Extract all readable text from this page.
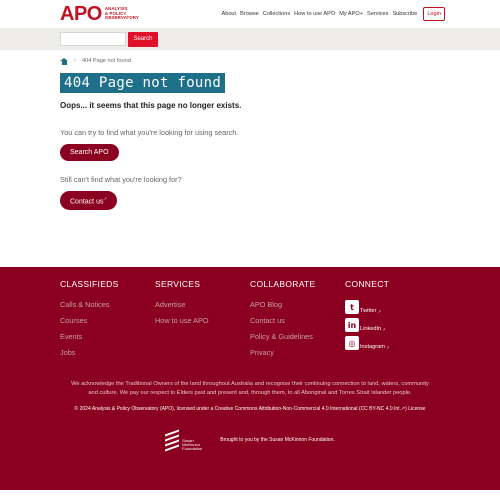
APO ANALYSIS
& POLICY
OBSERVATORY
About Browse Collections How to use APO My APO+ Services Subscribe	Login
Search
› 404 Page not found
404 Page not found
Oops... it seems that this page no longer exists.
You can try to find what you're looking for using search.
Search APO
Still can't find what you're looking for?
Contact us↗
CLASSIFIEDS
Calls & Notices
Courses
Events
Jobs
SERVICES
Advertise
How to use APO
COLLABORATE
APO Blog
Contact us
Policy & Guidelines
Privacy
CONNECT
t	Twitter ↗
in LinkedIn ↗
◎ Instagram ↗

We acknowledge the Traditional Owners of the land throughout Australia and recognise their continuing connection to land, waters, community and culture. We pay our respect to Elders past and present and, through them, to all Aboriginal and Torres Strait Islander people.

© 2024 Analysis & Policy Observatory (APO), licensed under a Creative Commons Attribution-Non-Commercial 4.0 International (CC BY-NC 4.0 Int.↗) License

Susan
McKinnon
Foundation
Brought to you by the Susan McKinnon Foundation.
